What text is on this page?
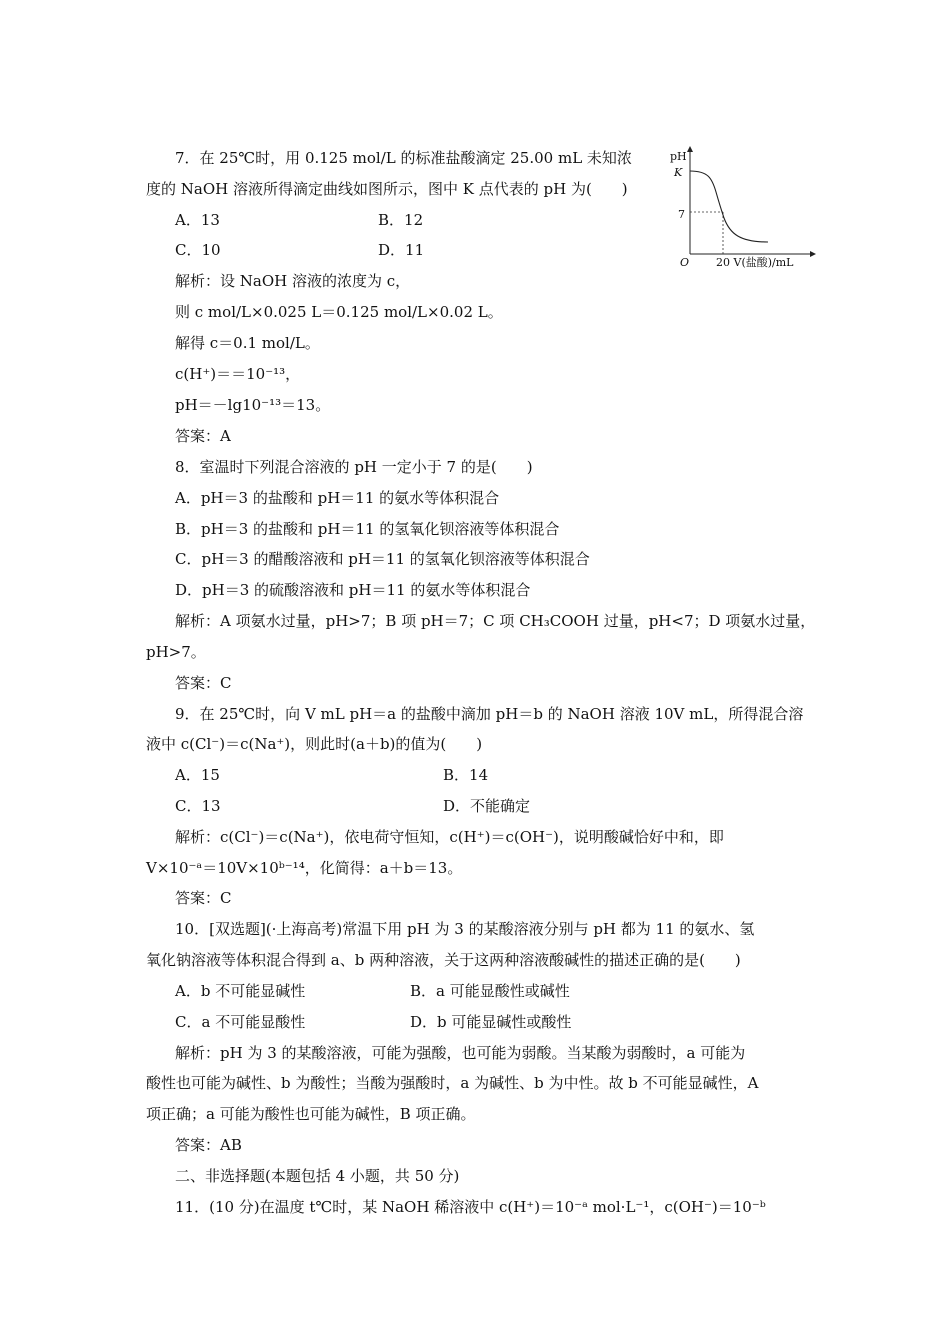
7．在 25℃时，用 0.125 mol/L 的标准盐酸滴定 25.00 mL 未知浓
度的 NaOH 溶液所得滴定曲线如图所示，图中 K 点代表的 pH 为(　　)
A．13	B．12
C．10	D．11
解析：设 NaOH 溶液的浓度为 c，
则 c mol/L×0.025 L＝0.125 mol/L×0.02 L。
解得 c＝0.1 mol/L。
c(H⁺)＝＝10⁻¹³，
pH＝－lg10⁻¹³＝13。
答案：A
pH
K
7
O 20 V(盐酸)/mL
8．室温时下列混合溶液的 pH 一定小于 7 的是(　　)
A．pH＝3 的盐酸和 pH＝11 的氨水等体积混合
B．pH＝3 的盐酸和 pH＝11 的氢氧化钡溶液等体积混合
C．pH＝3 的醋酸溶液和 pH＝11 的氢氧化钡溶液等体积混合
D．pH＝3 的硫酸溶液和 pH＝11 的氨水等体积混合
解析：A 项氨水过量，pH>7；B 项 pH＝7；C 项 CH₃COOH 过量，pH<7；D 项氨水过量，
pH>7。
答案：C
9．在 25℃时，向 V mL pH＝a 的盐酸中滴加 pH＝b 的 NaOH 溶液 10V mL，所得混合溶
液中 c(Cl⁻)＝c(Na⁺)，则此时(a＋b)的值为(　　)
A．15	B．14
C．13	D．不能确定
解析：c(Cl⁻)＝c(Na⁺)，依电荷守恒知，c(H⁺)＝c(OH⁻)，说明酸碱恰好中和，即
V×10⁻ᵃ＝10V×10ᵇ⁻¹⁴，化简得：a＋b＝13。
答案：C
10．[双选题](·上海高考)常温下用 pH 为 3 的某酸溶液分别与 pH 都为 11 的氨水、氢
氧化钠溶液等体积混合得到 a、b 两种溶液，关于这两种溶液酸碱性的描述正确的是(　　)
A．b 不可能显碱性	B．a 可能显酸性或碱性
C．a 不可能显酸性	D．b 可能显碱性或酸性
解析：pH 为 3 的某酸溶液，可能为强酸，也可能为弱酸。当某酸为弱酸时，a 可能为
酸性也可能为碱性、b 为酸性；当酸为强酸时，a 为碱性、b 为中性。故 b 不可能显碱性，A
项正确；a 可能为酸性也可能为碱性，B 项正确。
答案：AB
二、非选择题(本题包括 4 小题，共 50 分)
11．(10 分)在温度 t℃时，某 NaOH 稀溶液中 c(H⁺)＝10⁻ᵃ mol·L⁻¹，c(OH⁻)＝10⁻ᵇ
